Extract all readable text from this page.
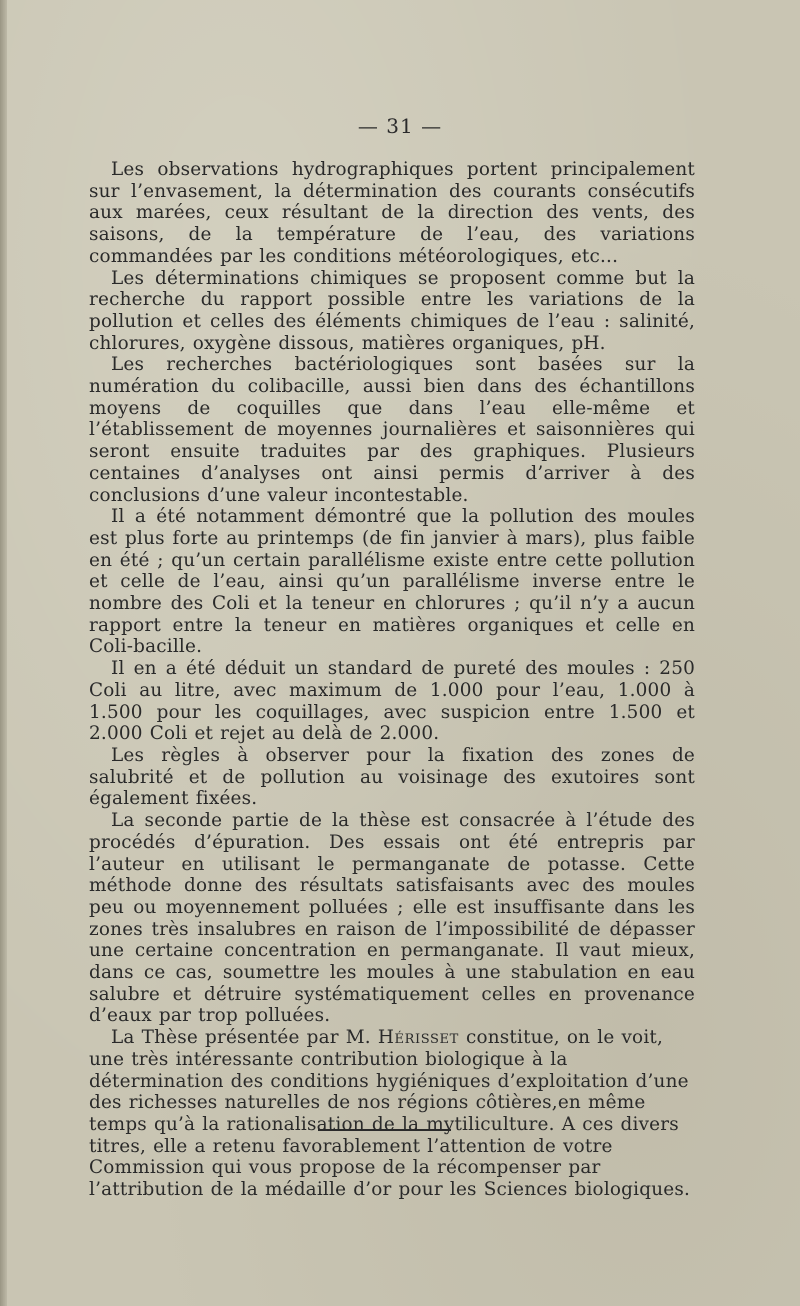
— 31 —

Les observations hydrographiques portent principalement sur l’envasement, la détermination des courants consécutifs aux marées, ceux résultant de la direction des vents, des saisons, de la température de l’eau, des variations commandées par les conditions météorologiques, etc...

Les déterminations chimiques se proposent comme but la recherche du rapport possible entre les variations de la pollution et celles des éléments chimiques de l’eau : salinité, chlorures, oxygène dissous, matières organiques, pH.

Les recherches bactériologiques sont basées sur la numération du colibacille, aussi bien dans des échantillons moyens de coquilles que dans l’eau elle-même et l’établissement de moyennes journalières et saisonnières qui seront ensuite traduites par des graphiques. Plusieurs centaines d’analyses ont ainsi permis d’arriver à des conclusions d’une valeur incontestable.

Il a été notamment démontré que la pollution des moules est plus forte au printemps (de fin janvier à mars), plus faible en été ; qu’un certain parallélisme existe entre cette pollution et celle de l’eau, ainsi qu’un parallélisme inverse entre le nombre des Coli et la teneur en chlorures ; qu’il n’y a aucun rapport entre la teneur en matières organiques et celle en Coli-bacille.

Il en a été déduit un standard de pureté des moules : 250 Coli au litre, avec maximum de 1.000 pour l’eau, 1.000 à 1.500 pour les coquillages, avec suspicion entre 1.500 et 2.000 Coli et rejet au delà de 2.000.

Les règles à observer pour la fixation des zones de salubrité et de pollution au voisinage des exutoires sont également fixées.

La seconde partie de la thèse est consacrée à l’étude des procédés d’épuration. Des essais ont été entrepris par l’auteur en utilisant le permanganate de potasse. Cette méthode donne des résultats satisfaisants avec des moules peu ou moyennement polluées ; elle est insuffisante dans les zones très insalubres en raison de l’impossibilité de dépasser une certaine concentration en permanganate. Il vaut mieux, dans ce cas, soumettre les moules à une stabulation en eau salubre et détruire systématiquement celles en provenance d’eaux par trop polluées.

La Thèse présentée par M. Hérisset constitue, on le voit, une très intéressante contribution biologique à la détermination des conditions hygiéniques d’exploitation d’une des richesses naturelles de nos régions côtières,en même temps qu’à la rationalisation de la mytiliculture. A ces divers titres, elle a retenu favorablement l’attention de votre Commission qui vous propose de la récompenser par l’attribution de la médaille d’or pour les Sciences biologiques.
